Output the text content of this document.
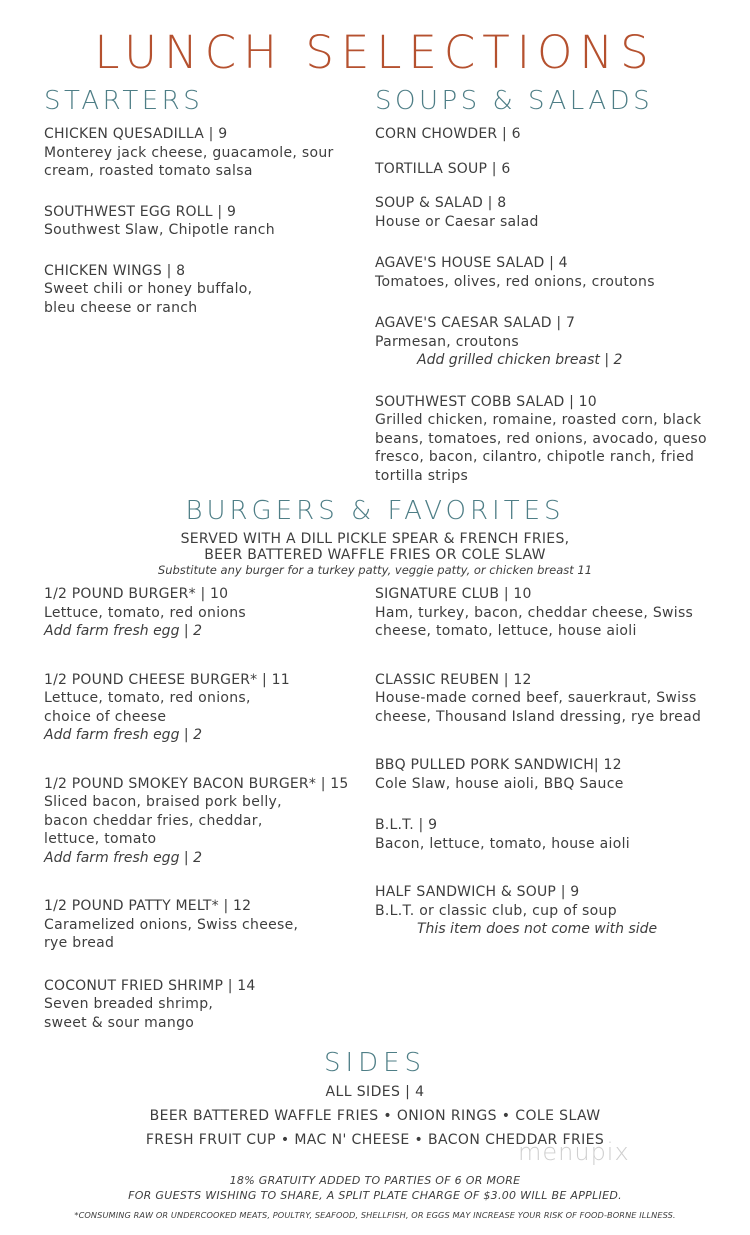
LUNCH SELECTIONS
STARTERS
CHICKEN QUESADILLA | 9
Monterey jack cheese, guacamole, sour
cream, roasted tomato salsa
SOUTHWEST EGG ROLL | 9
Southwest Slaw, Chipotle ranch
CHICKEN WINGS | 8
Sweet chili or honey buffalo,
bleu cheese or ranch
SOUPS & SALADS
CORN CHOWDER | 6
TORTILLA SOUP | 6
SOUP & SALAD | 8
House or Caesar salad
AGAVE'S HOUSE SALAD | 4
Tomatoes, olives, red onions, croutons
AGAVE'S CAESAR SALAD | 7
Parmesan, croutons
Add grilled chicken breast | 2
SOUTHWEST COBB SALAD | 10
Grilled chicken, romaine, roasted corn, black
beans, tomatoes, red onions, avocado, queso
fresco, bacon, cilantro, chipotle ranch, fried
tortilla strips
BURGERS & FAVORITES
SERVED WITH A DILL PICKLE SPEAR & FRENCH FRIES,
BEER BATTERED WAFFLE FRIES OR COLE SLAW
Substitute any burger for a turkey patty, veggie patty, or chicken breast 11
1/2 POUND BURGER* | 10
Lettuce, tomato, red onions
Add farm fresh egg | 2
1/2 POUND CHEESE BURGER* | 11
Lettuce, tomato, red onions,
choice of cheese
Add farm fresh egg | 2
1/2 POUND SMOKEY BACON BURGER* | 15
Sliced bacon, braised pork belly,
bacon cheddar fries, cheddar,
lettuce, tomato
Add farm fresh egg | 2
1/2 POUND PATTY MELT* | 12
Caramelized onions, Swiss cheese,
rye bread
COCONUT FRIED SHRIMP | 14
Seven breaded shrimp,
sweet & sour mango
SIGNATURE CLUB | 10
Ham, turkey, bacon, cheddar cheese, Swiss
cheese, tomato, lettuce, house aioli
CLASSIC REUBEN | 12
House-made corned beef, sauerkraut, Swiss
cheese, Thousand Island dressing, rye bread
BBQ PULLED PORK SANDWICH| 12
Cole Slaw, house aioli, BBQ Sauce
B.L.T. | 9
Bacon, lettuce, tomato, house aioli
HALF SANDWICH & SOUP | 9
B.L.T. or classic club, cup of soup
This item does not come with side
SIDES
ALL SIDES | 4
BEER BATTERED WAFFLE FRIES • ONION RINGS • COLE SLAW
FRESH FRUIT CUP • MAC N' CHEESE • BACON CHEDDAR FRIES
menupix
18% GRATUITY ADDED TO PARTIES OF 6 OR MORE
FOR GUESTS WISHING TO SHARE, A SPLIT PLATE CHARGE OF $3.00 WILL BE APPLIED.
*CONSUMING RAW OR UNDERCOOKED MEATS, POULTRY, SEAFOOD, SHELLFISH, OR EGGS MAY INCREASE YOUR RISK OF FOOD-BORNE ILLNESS.
